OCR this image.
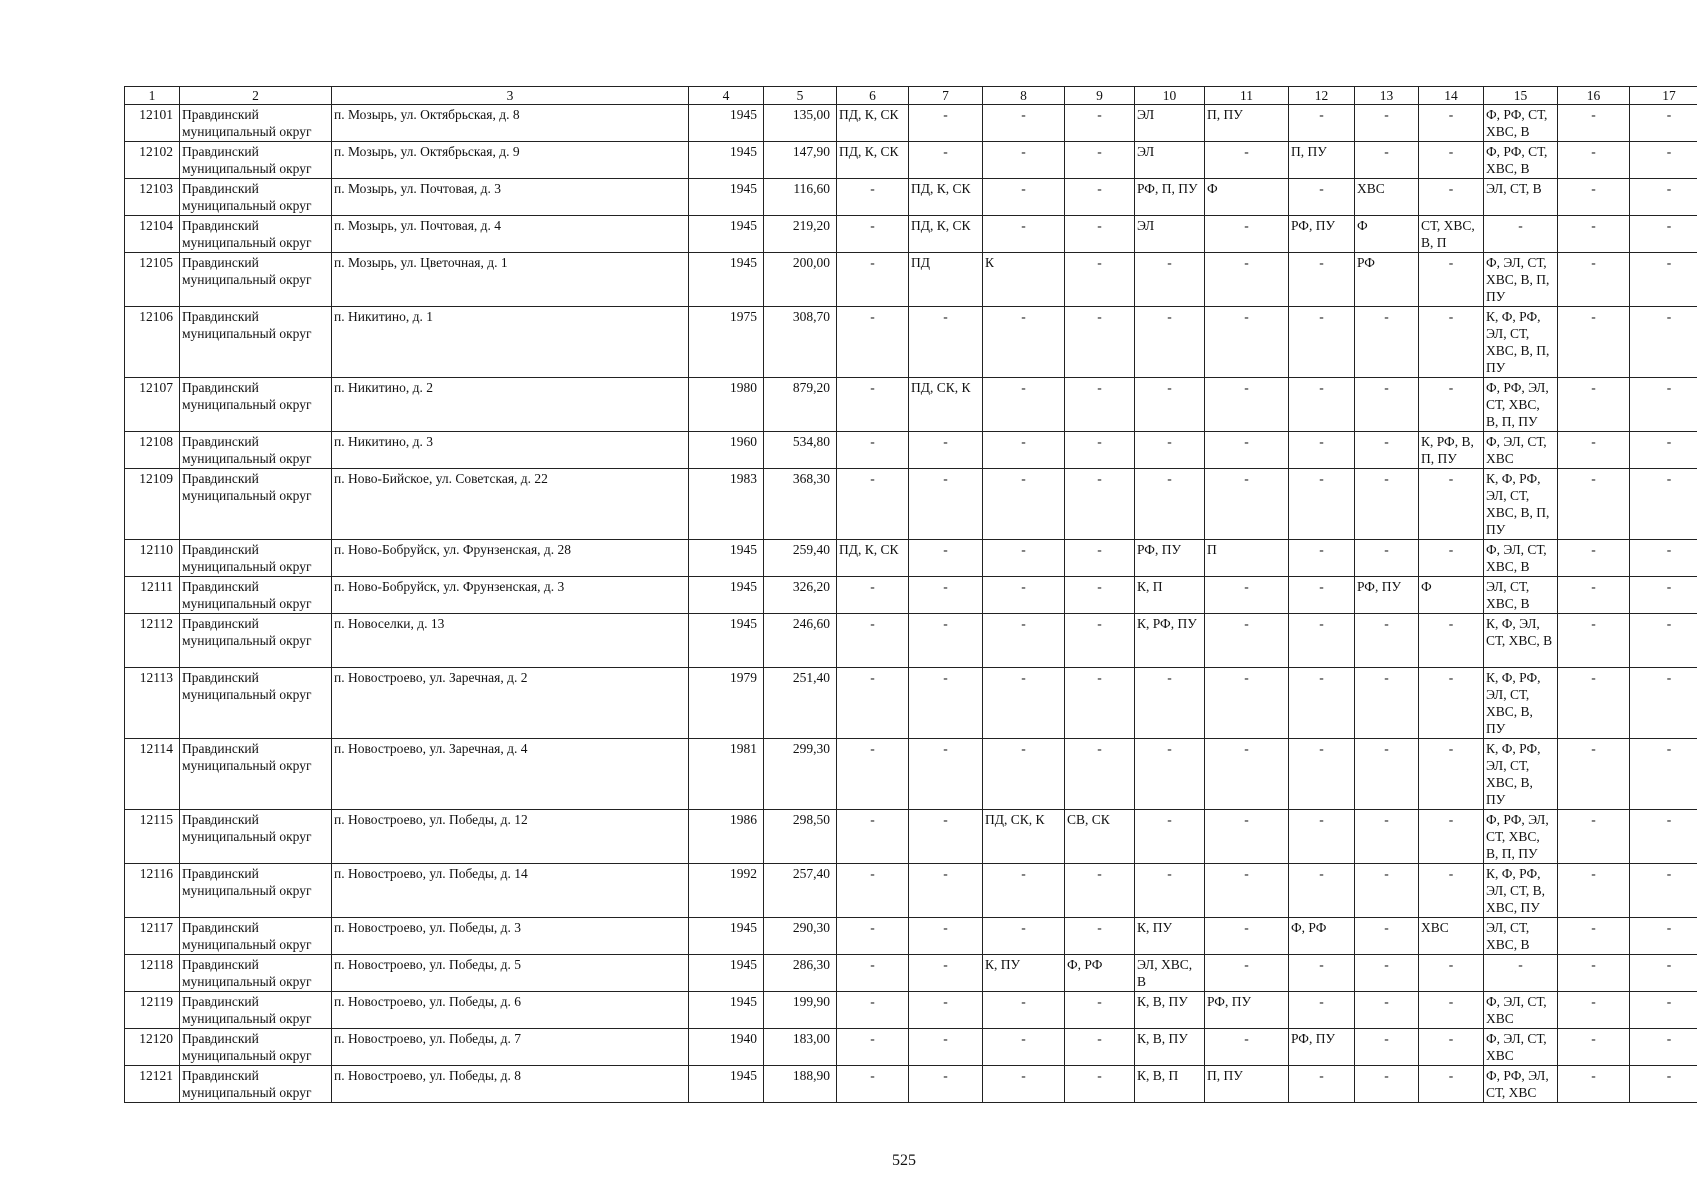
1	2	3	4	5	6	7	8	9	10	11	12	13	14	15	16	17
12101	Правдинский муниципальный округ	п. Мозырь, ул. Октябрьская, д. 8	1945	135,00	ПД, К, СК	-	-	-	ЭЛ	П, ПУ	-	-	-	Ф, РФ, СТ, ХВС, В	-	-
12102	Правдинский муниципальный округ	п. Мозырь, ул. Октябрьская, д. 9	1945	147,90	ПД, К, СК	-	-	-	ЭЛ	-	П, ПУ	-	-	Ф, РФ, СТ, ХВС, В	-	-
12103	Правдинский муниципальный округ	п. Мозырь, ул. Почтовая, д. 3	1945	116,60	-	ПД, К, СК	-	-	РФ, П, ПУ	Ф	-	ХВС	-	ЭЛ, СТ, В	-	-
12104	Правдинский муниципальный округ	п. Мозырь, ул. Почтовая, д. 4	1945	219,20	-	ПД, К, СК	-	-	ЭЛ	-	РФ, ПУ	Ф	СТ, ХВС, В, П	-	-	-
12105	Правдинский муниципальный округ	п. Мозырь, ул. Цветочная, д. 1	1945	200,00	-	ПД	К	-	-	-	-	РФ	-	Ф, ЭЛ, СТ, ХВС, В, П, ПУ	-	-
12106	Правдинский муниципальный округ	п. Никитино, д. 1	1975	308,70	-	-	-	-	-	-	-	-	-	К, Ф, РФ, ЭЛ, СТ, ХВС, В, П, ПУ	-	-
12107	Правдинский муниципальный округ	п. Никитино, д. 2	1980	879,20	-	ПД, СК, К	-	-	-	-	-	-	-	Ф, РФ, ЭЛ, СТ, ХВС, В, П, ПУ	-	-
12108	Правдинский муниципальный округ	п. Никитино, д. 3	1960	534,80	-	-	-	-	-	-	-	-	К, РФ, В, П, ПУ	Ф, ЭЛ, СТ, ХВС	-	-
12109	Правдинский муниципальный округ	п. Ново-Бийское, ул. Советская, д. 22	1983	368,30	-	-	-	-	-	-	-	-	-	К, Ф, РФ, ЭЛ, СТ, ХВС, В, П, ПУ	-	-
12110	Правдинский муниципальный округ	п. Ново-Бобруйск, ул. Фрунзенская, д. 28	1945	259,40	ПД, К, СК	-	-	-	РФ, ПУ	П	-	-	-	Ф, ЭЛ, СТ, ХВС, В	-	-
12111	Правдинский муниципальный округ	п. Ново-Бобруйск, ул. Фрунзенская, д. 3	1945	326,20	-	-	-	-	К, П	-	-	РФ, ПУ	Ф	ЭЛ, СТ, ХВС, В	-	-
12112	Правдинский муниципальный округ	п. Новоселки, д. 13	1945	246,60	-	-	-	-	К, РФ, ПУ	-	-	-	-	К, Ф, ЭЛ, СТ, ХВС, В	-	-
12113	Правдинский муниципальный округ	п. Новостроево, ул. Заречная, д. 2	1979	251,40	-	-	-	-	-	-	-	-	-	К, Ф, РФ, ЭЛ, СТ, ХВС, В, ПУ	-	-
12114	Правдинский муниципальный округ	п. Новостроево, ул. Заречная, д. 4	1981	299,30	-	-	-	-	-	-	-	-	-	К, Ф, РФ, ЭЛ, СТ, ХВС, В, ПУ	-	-
12115	Правдинский муниципальный округ	п. Новостроево, ул. Победы, д. 12	1986	298,50	-	-	ПД, СК, К	СВ, СК	-	-	-	-	-	Ф, РФ, ЭЛ, СТ, ХВС, В, П, ПУ	-	-
12116	Правдинский муниципальный округ	п. Новостроево, ул. Победы, д. 14	1992	257,40	-	-	-	-	-	-	-	-	-	К, Ф, РФ, ЭЛ, СТ, В, ХВС, ПУ	-	-
12117	Правдинский муниципальный округ	п. Новостроево, ул. Победы, д. 3	1945	290,30	-	-	-	-	К, ПУ	-	Ф, РФ	-	ХВС	ЭЛ, СТ, ХВС, В	-	-
12118	Правдинский муниципальный округ	п. Новостроево, ул. Победы, д. 5	1945	286,30	-	-	К, ПУ	Ф, РФ	ЭЛ, ХВС, В	-	-	-	-	-	-	-
12119	Правдинский муниципальный округ	п. Новостроево, ул. Победы, д. 6	1945	199,90	-	-	-	-	К, В, ПУ	РФ, ПУ	-	-	-	Ф, ЭЛ, СТ, ХВС	-	-
12120	Правдинский муниципальный округ	п. Новостроево, ул. Победы, д. 7	1940	183,00	-	-	-	-	К, В, ПУ	-	РФ, ПУ	-	-	Ф, ЭЛ, СТ, ХВС	-	-
12121	Правдинский муниципальный округ	п. Новостроево, ул. Победы, д. 8	1945	188,90	-	-	-	-	К, В, П	П, ПУ	-	-	-	Ф, РФ, ЭЛ, СТ, ХВС	-	-
525
